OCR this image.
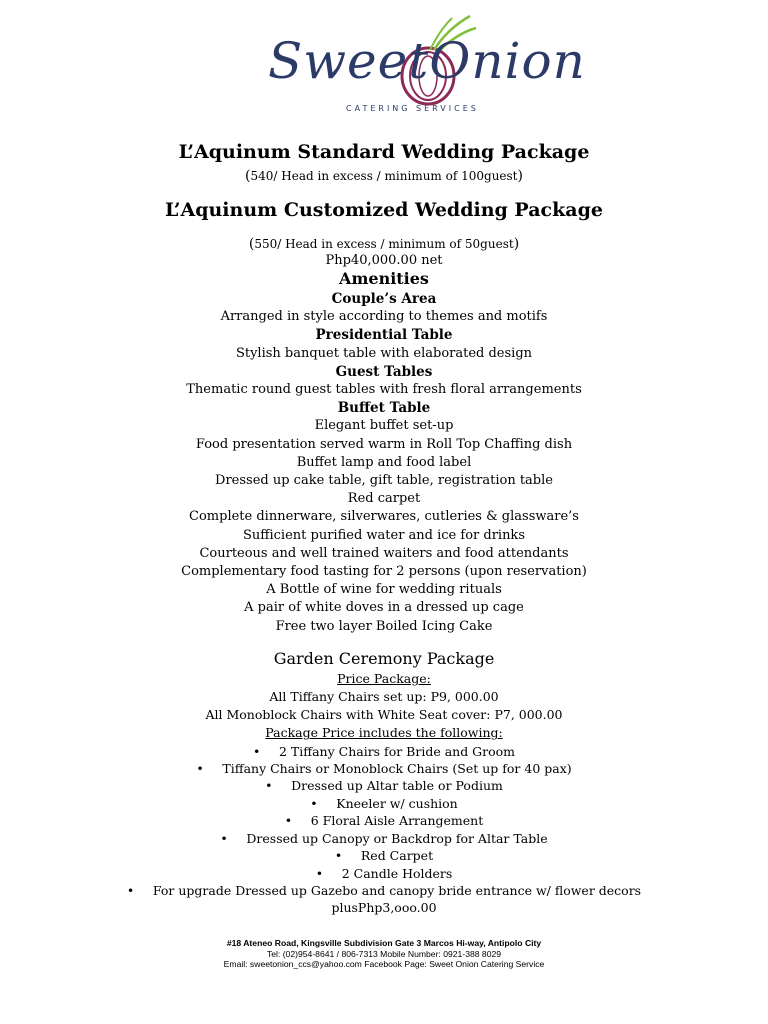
SweetOnion
CATERING SERVICES
L’Aquinum Standard Wedding Package
(540/ Head in excess / minimum of 100guest)
L’Aquinum Customized Wedding Package
(550/ Head in excess / minimum of 50guest)
Php40,000.00 net
Amenities
Couple’s Area
Arranged in style according to themes and motifs
Presidential Table
Stylish banquet table with elaborated design
Guest Tables
Thematic round guest tables with fresh floral arrangements
Buffet Table
Elegant buffet set-up
Food presentation served warm in Roll Top Chaffing dish
Buffet lamp and food label
Dressed up cake table, gift table, registration table
Red carpet
Complete dinnerware, silverwares, cutleries & glassware’s
Sufficient purified water and ice for drinks
Courteous and well trained waiters and food attendants
Complementary food tasting for 2 persons (upon reservation)
A Bottle of wine for wedding rituals
A pair of white doves in a dressed up cage
Free two layer Boiled Icing Cake
Garden Ceremony Package
Price Package:
All Tiffany Chairs set up: P9, 000.00
All Monoblock Chairs with White Seat cover: P7, 000.00
Package Price includes the following:
• 2 Tiffany Chairs for Bride and Groom
• Tiffany Chairs or Monoblock Chairs (Set up for 40 pax)
• Dressed up Altar table or Podium
• Kneeler w/ cushion
• 6 Floral Aisle Arrangement
• Dressed up Canopy or Backdrop for Altar Table
• Red Carpet
• 2 Candle Holders
• For upgrade Dressed up Gazebo and canopy bride entrance w/ flower decors
plusPhp3,ooo.00
#18 Ateneo Road, Kingsville Subdivision Gate 3 Marcos Hi-way, Antipolo City
Tel: (02)954-8641 / 806-7313 Mobile Number: 0921-388 8029
Email: sweetonion_ccs@yahoo.com Facebook Page: Sweet Onion Catering Service
